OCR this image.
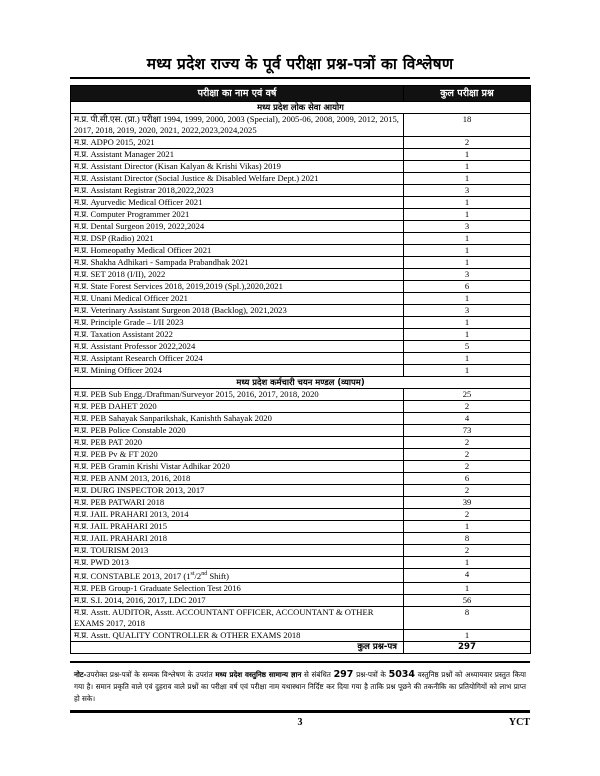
मध्य प्रदेश राज्य के पूर्व परीक्षा प्रश्न-पत्रों का विश्लेषण
परीक्षा का नाम एवं वर्ष	कुल परीक्षा प्रश्न
मध्य प्रदेश लोक सेवा आयोग	
म.प्र. पी.सी.एस. (प्रा.) परीक्षा 1994, 1999, 2000, 2003 (Special), 2005-06, 2008, 2009, 2012, 2015, 2017, 2018, 2019, 2020, 2021, 2022,2023,2024,2025	18
म.प्र. ADPO 2015, 2021	2
म.प्र. Assistant Manager 2021	1
म.प्र. Assistant Director (Kisan Kalyan & Krishi Vikas) 2019	1
म.प्र. Assistant Director (Social Justice & Disabled Welfare Dept.) 2021	1
म.प्र. Assistant Registrar 2018,2022,2023	3
म.प्र. Ayurvedic Medical Officer 2021	1
म.प्र. Computer Programmer 2021	1
म.प्र. Dental Surgeon 2019, 2022,2024	3
म.प्र. DSP (Radio) 2021	1
म.प्र. Homeopathy Medical Officer 2021	1
म.प्र. Shakha Adhikari - Sampada Prabandhak 2021	1
म.प्र. SET 2018 (I/II), 2022	3
म.प्र. State Forest Services 2018, 2019,2019 (Spl.),2020,2021	6
म.प्र. Unani Medical Officer 2021	1
म.प्र. Veterinary Assistant Surgeon 2018 (Backlog), 2021,2023	3
म.प्र. Principle Grade – I/II 2023	1
म.प्र. Taxation Assistant 2022	1
म.प्र. Assistant Professor 2022,2024	5
म.प्र. Assiptant Research Officer 2024	1
म.प्र. Mining Officer 2024	1
मध्य प्रदेश कर्मचारी चयन मण्डल (व्यापम)	
म.प्र. PEB Sub Engg./Draftman/Surveyor 2015, 2016, 2017, 2018, 2020	25
म.प्र. PEB DAHET 2020	2
म.प्र. PEB Sahayak Sanparikshak, Kanishth Sahayak 2020	4
म.प्र. PEB Police Constable 2020	73
म.प्र. PEB PAT 2020	2
म.प्र. PEB Pv & FT 2020	2
म.प्र. PEB Gramin Krishi Vistar Adhikar 2020	2
म.प्र. PEB ANM 2013, 2016, 2018	6
म.प्र. DURG INSPECTOR 2013, 2017	2
म.प्र. PEB PATWARI 2018	39
म.प्र. JAIL PRAHARI 2013, 2014	2
म.प्र. JAIL PRAHARI 2015	1
म.प्र. JAIL PRAHARI 2018	8
म.प्र. TOURISM 2013	2
म.प्र. PWD 2013	1
म.प्र. CONSTABLE 2013, 2017 (1st/2nd Shift)	4
म.प्र. PEB Group-1 Graduate Selection Test 2016	1
म.प्र. S.I. 2014, 2016, 2017, LDC 2017	56
म.प्र. Asstt. AUDITOR, Asstt. ACCOUNTANT OFFICER, ACCOUNTANT & OTHER EXAMS 2017, 2018	8
म.प्र. Asstt. QUALITY CONTROLLER & OTHER EXAMS 2018	1
कुल प्रश्न-पत्र	297
नोट-उपरोक्त प्रश्न-पत्रों के सम्यक विश्लेषण के उपरांत मध्य प्रदेश वस्तुनिष्ठ सामान्य ज्ञान से संबंधित 297 प्रश्न-पत्रों के 5034 वस्तुनिष्ठ प्रश्नों को अध्यायवार प्रस्तुत किया गया है। समान प्रकृति वाले एवं दुहराव वाले प्रश्नों का परीक्षा वर्ष एवं परीक्षा नाम यथास्थान निर्दिष्ट कर दिया गया है ताकि प्रश्न पूछने की तकनीकि का प्रतियोगियों को लाभ प्राप्त हो सके।
3	YCT
